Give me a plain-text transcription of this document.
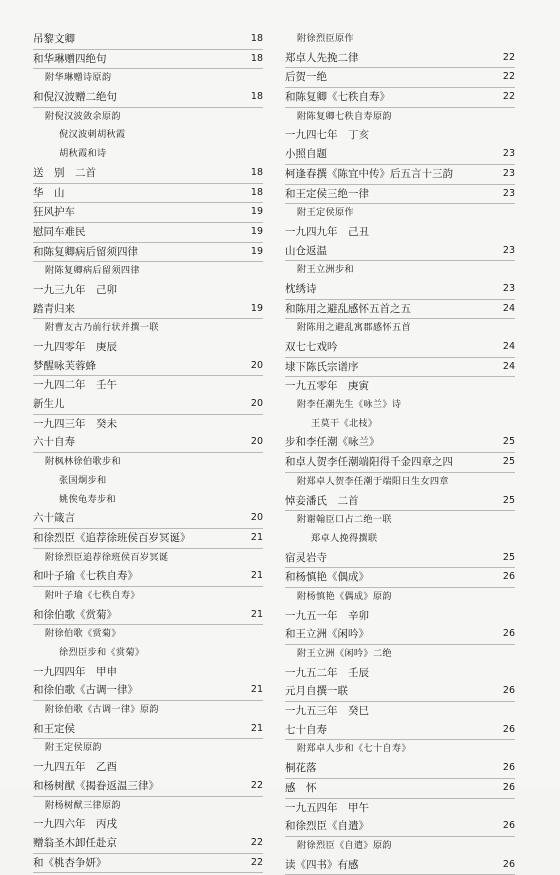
吊黎文卿	18
和华琳赠四绝句	18
附华琳赠诗原韵
和倪汉波赠二绝句	18
附倪汉波敛余原韵
倪汉波刺胡秋霞
胡秋霞和诗
送　别　二首	18
华　山	18
狂风护车	19
慰同车难民	19
和陈复卿病后留须四律	19
附陈复卿病后留须四律
一九三九年　己卯
踏青归来	19
附曹友古乃前行状并撰一联
一九四零年　庚辰
梦醒咏芙蓉蜂	20
一九四二年　壬午
新生儿	20
一九四三年　癸未
六十自寿	20
附枫林徐伯歌步和
张国炯步和
姚俟龟寿步和
六十箴言	20
和徐烈臣《追荐徐班侯百岁冥诞》	21
附徐烈臣追荐徐班侯百岁冥诞
和叶子瑜《七秩自寿》	21
附叶子瑜《七秩自寿》
和徐伯歌《赏菊》	21
附徐伯歌《赏菊》
徐烈臣步和《赏菊》
一九四四年　甲申
和徐伯歌《古调一律》	21
附徐伯歌《古调一律》原韵
和王定侯	21
附王定侯原韵
一九四五年　乙酉
和杨树猷《揭眷返温三律》	22
附杨树猷三律原韵
一九四六年　丙戌
赠翁圣木卸任赴京	22
和《桃杏争妍》	22
附徐烈臣原作
郑卓人先挽二律	22
后贺一绝	22
和陈复卿《七秩自寿》	22
附陈复卿七秩自寿原韵
一九四七年　丁亥
小照自题	23
柯逢春撰《陈宜中传》后五言十三韵	23
和王定侯三绝一律	23
附王定侯原作
一九四九年　己丑
山仓返温	23
附王立洲步和
枕绣诗	23
和陈用之避乱感怀五首之五	24
附陈用之避乱寓郡感怀五首
双七七戏吟	24
埭下陈氏宗谱序	24
一九五零年　庚寅
附李任潮先生《咏兰》诗
王莫干《北枝》
步和李任潮《咏兰》	25
和卓人贺李任潮端阳得千金四章之四	25
附郑卓人贺李任潮于端阳日生女四章
悼妾潘氏　二首	25
附谢翰臣口占二绝一联
郑卓人挽得撰联
宿灵岩寺	25
和杨慎艳《偶成》	26
附杨慎艳《偶成》原韵
一九五一年　辛卯
和王立洲《闲吟》	26
附王立洲《闲吟》二绝
一九五二年　壬辰
元月自撰一联	26
一九五三年　癸巳
七十自寿	26
附郑卓人步和《七十自寿》
桐花落	26
感　怀	26
一九五四年　甲午
和徐烈臣《自遣》	26
附徐烈臣《自遣》原韵
读《四书》有感	26
